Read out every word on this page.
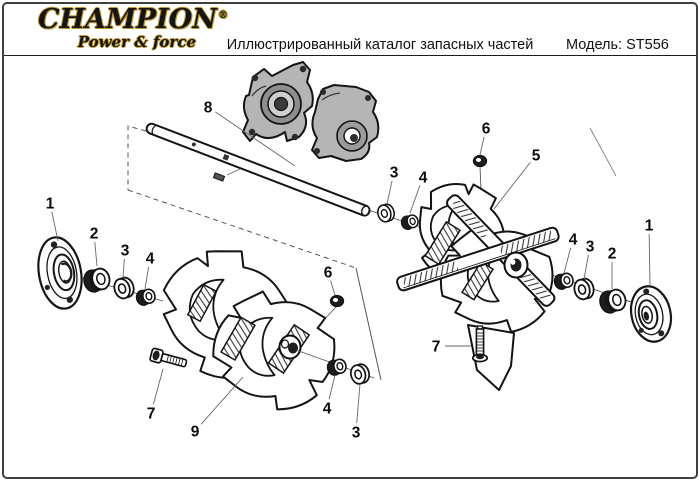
CHAMPION®
Power & force	Иллюстрированный каталог запасных частей	Модель: ST556
1
2
3 4
8
6
7
9
4
3
6
5
3 4
7
4 3 2
1
